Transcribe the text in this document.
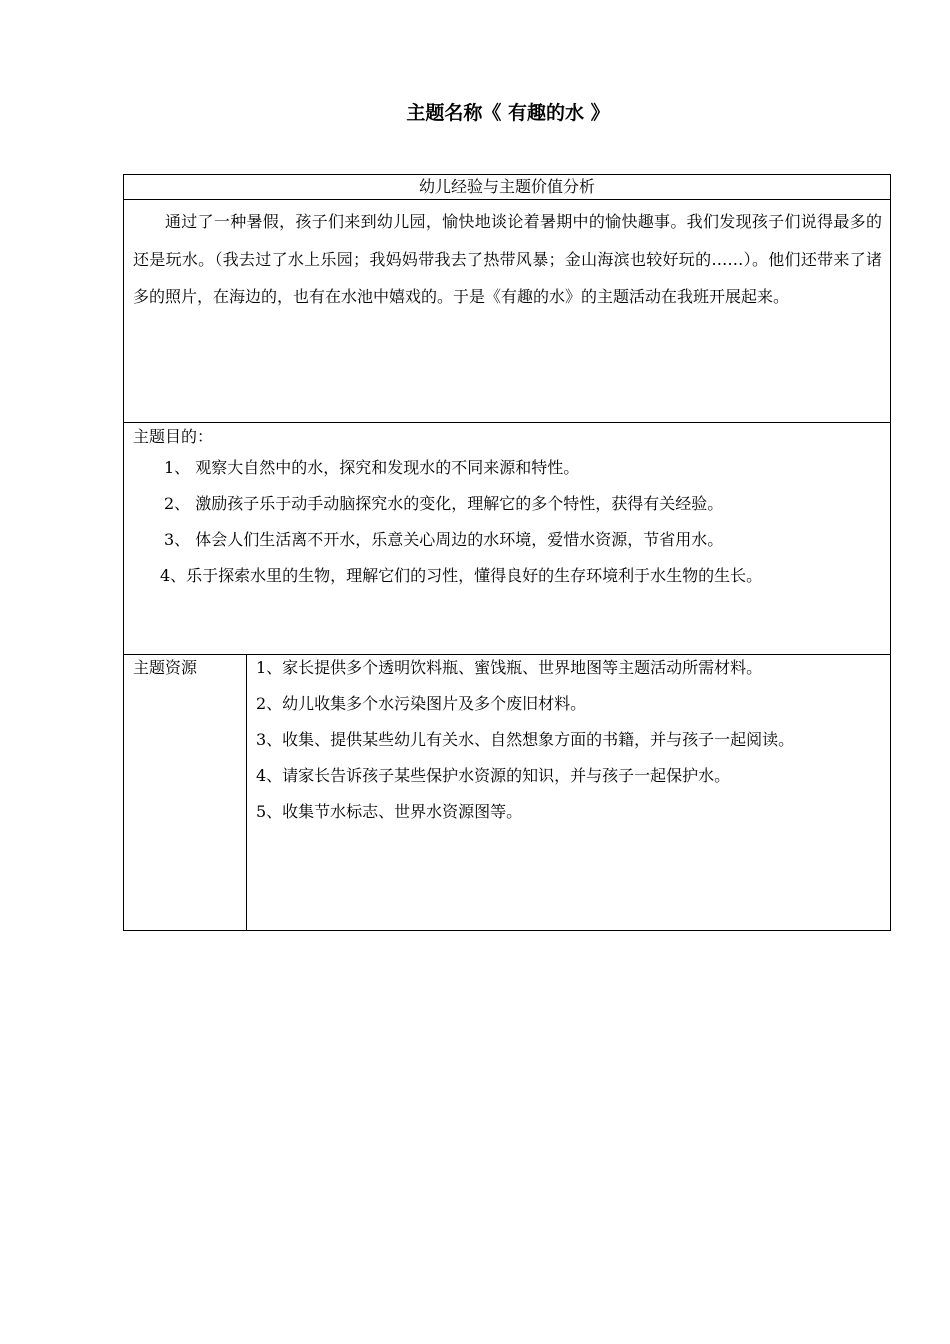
主题名称《 有趣的水 》
幼儿经验与主题价值分析

通过了一种暑假，孩子们来到幼儿园，愉快地谈论着暑期中的愉快趣事。我们发现孩子们说得最多的还是玩水。（我去过了水上乐园；我妈妈带我去了热带风暴；金山海滨也较好玩的……）。他们还带来了诸多的照片，在海边的，也有在水池中嬉戏的。于是《有趣的水》的主题活动在我班开展起来。

主题目的：
1、 观察大自然中的水，探究和发现水的不同来源和特性。
2、 激励孩子乐于动手动脑探究水的变化，理解它的多个特性，获得有关经验。
3、 体会人们生活离不开水，乐意关心周边的水环境，爱惜水资源，节省用水。
4、乐于探索水里的生物，理解它们的习性，懂得良好的生存环境利于水生物的生长。
主题资源	1、家长提供多个透明饮料瓶、蜜饯瓶、世界地图等主题活动所需材料。
2、幼儿收集多个水污染图片及多个废旧材料。
3、收集、提供某些幼儿有关水、自然想象方面的书籍，并与孩子一起阅读。
4、请家长告诉孩子某些保护水资源的知识，并与孩子一起保护水。
5、收集节水标志、世界水资源图等。
